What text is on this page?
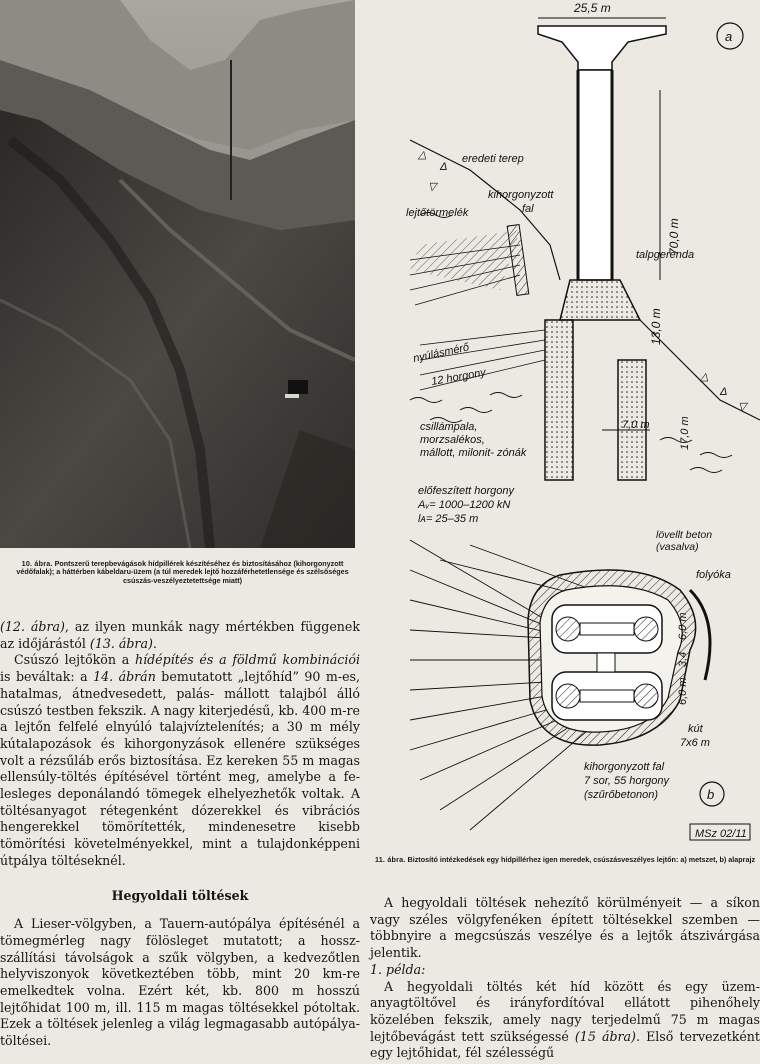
10. ábra. Pontszerű terepbevágások hídpillérek készítéséhez és biztosításához (kihorgonyzott védőfalak); a háttérben kábeldaru-üzem (a túl meredek lejtő hozzáférhetetlensége és szélsőséges csúszás-veszélyeztetettsége miatt)

(12. ábra), az ilyen munkák nagy mértékben függenek az időjárástól (13. ábra).

Csúszó lejtőkön a hídépítés és a földmű kombinációi is beváltak: a 14. ábrán bemutatott „lejtőhíd” 90 m-es, hatalmas, átnedvesedett, palás- mállott talajból álló csúszó testben fekszik. A nagy kiterjedésű, kb. 400 m-re a lejtőn felfelé elnyúló talajvíztelenítés; a 30 m mély kútalapozások és kihorgonyzások ellenére szükséges volt a rézsűláb erős biztosítása. Ez kereken 55 m magas ellensúly-töltés építésével történt meg, amelybe a felesleges deponálandó tömegek elhelyezhetők voltak. A töltésanyagot rétegenként dózerekkel és vibrációs hengerekkel tömörítették, mindenesetre kisebb tömörítési követelményekkel, mint a tulajdonképpeni útpálya töltéseknél.

Hegyoldali töltések

A Lieser-völgyben, a Tauern-autópálya építésénél a tömegmérleg nagy fölösleget mutatott; a hossz-szállítási távolságok a szűk völgyben, a kedvezőtlen helyviszonyok következtében több, mint 20 km-re emelkedtek volna. Ezért két, kb. 800 m hosszú lejtőhidat 100 m, ill. 115 m magas töltésekkel pótoltak. Ezek a töltések jelenleg a világ legmagasabb autópálya-töltései.

25,5 m
a
70,0 m
13,0 m
7,0 m	17,0 m
△
Δ
▽
△
Δ
▽
eredeti terep
kihorgonyzott
fal
lejtőtörmelék
talpgerenda
nyúlásmérő
12 horgony
csillámpala,
morzsalékos,
mállott, milonit- zónák
előfeszített horgony
Aᵥ= 1000–1200 kN
lᴀ= 25–35 m
lövellt beton
(vasalva)
folyóka
6,0 m
3,4
6,0 m
kút
7x6 m
kihorgonyzott fal
7 sor, 55 horgony
(szűrőbetonon)	b
MSz 02/11
11. ábra. Biztosító intézkedések egy hídpillérhez igen meredek, csúszásveszélyes lejtőn: a) metszet, b) alaprajz

A hegyoldali töltések nehezítő körülményeit — a síkon vagy széles völgyfenéken épített töltésekkel szemben — többnyire a megcsúszás veszélye és a lejtők átszivárgása jelentik.

1. példa:

A hegyoldali töltés két híd között és egy üzemanyagtöltővel és irányfordítóval ellátott pihenőhely közelében fekszik, amely nagy terjedelmű 75 m magas lejtőbevágást tett szükségessé (15 ábra). Első tervezetként egy lejtőhidat, fél szélességű
